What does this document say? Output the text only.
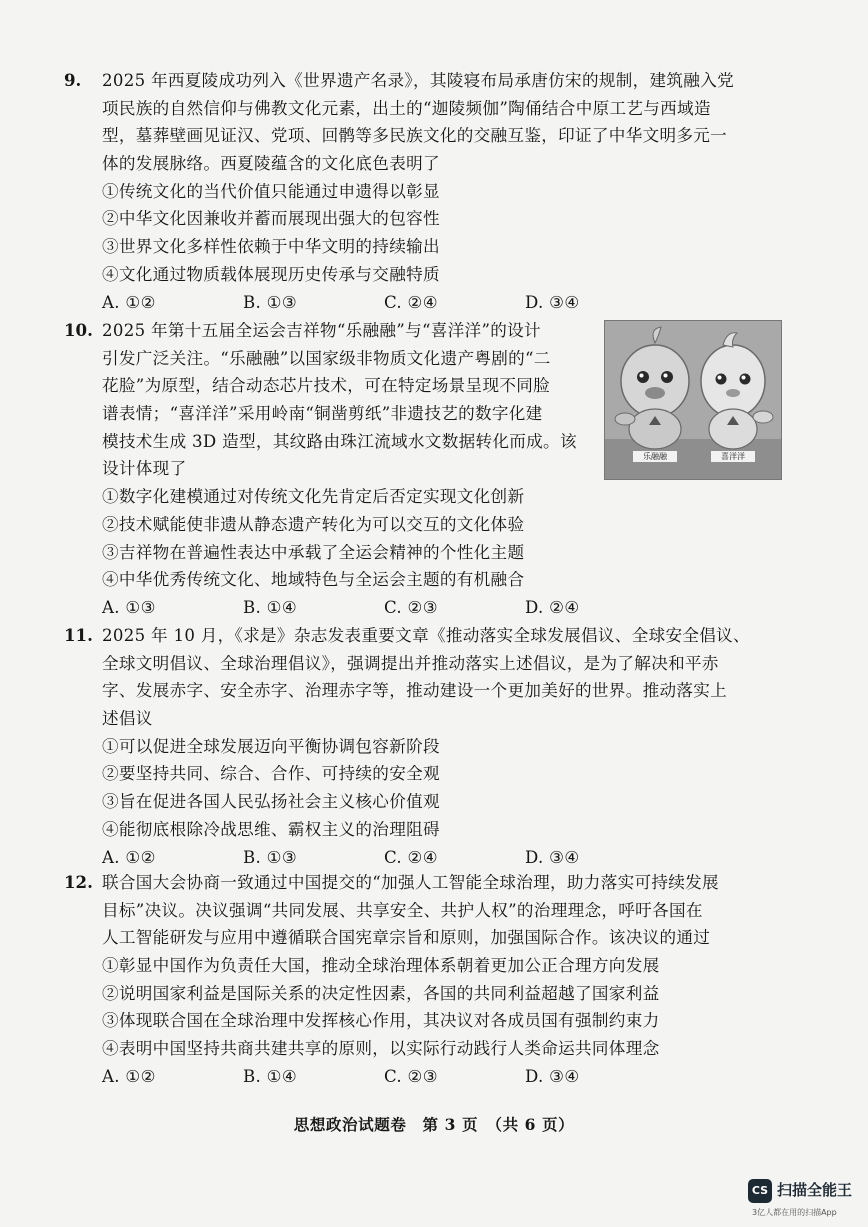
9. 2025 年西夏陵成功列入《世界遗产名录》，其陵寝布局承唐仿宋的规制，建筑融入党
项民族的自然信仰与佛教文化元素，出土的“迦陵频伽”陶俑结合中原工艺与西域造
型，墓葬壁画见证汉、党项、回鹘等多民族文化的交融互鉴，印证了中华文明多元一
体的发展脉络。西夏陵蕴含的文化底色表明了
①传统文化的当代价值只能通过申遗得以彰显
②中华文化因兼收并蓄而展现出强大的包容性
③世界文化多样性依赖于中华文明的持续输出
④文化通过物质载体展现历史传承与交融特质
A. ①②	B. ①③	C. ②④	D. ③④
10. 2025 年第十五届全运会吉祥物“乐融融”与“喜洋洋”的设计
引发广泛关注。“乐融融”以国家级非物质文化遗产粤剧的“二
花脸”为原型，结合动态芯片技术，可在特定场景呈现不同脸
谱表情；“喜洋洋”采用岭南“铜凿剪纸”非遗技艺的数字化建
模技术生成 3D 造型，其纹路由珠江流域水文数据转化而成。该
设计体现了
①数字化建模通过对传统文化先肯定后否定实现文化创新
②技术赋能使非遗从静态遗产转化为可以交互的文化体验
③吉祥物在普遍性表达中承载了全运会精神的个性化主题
④中华优秀传统文化、地域特色与全运会主题的有机融合
A. ①③	B. ①④	C. ②③	D. ②④
乐融融	喜洋洋
11. 2025 年 10 月，《求是》杂志发表重要文章《推动落实全球发展倡议、全球安全倡议、
全球文明倡议、全球治理倡议》，强调提出并推动落实上述倡议，是为了解决和平赤
字、发展赤字、安全赤字、治理赤字等，推动建设一个更加美好的世界。推动落实上
述倡议
①可以促进全球发展迈向平衡协调包容新阶段
②要坚持共同、综合、合作、可持续的安全观
③旨在促进各国人民弘扬社会主义核心价值观
④能彻底根除冷战思维、霸权主义的治理阻碍
A. ①②	B. ①③	C. ②④	D. ③④
12. 联合国大会协商一致通过中国提交的“加强人工智能全球治理，助力落实可持续发展
目标”决议。决议强调“共同发展、共享安全、共护人权”的治理理念，呼吁各国在
人工智能研发与应用中遵循联合国宪章宗旨和原则，加强国际合作。该决议的通过
①彰显中国作为负责任大国，推动全球治理体系朝着更加公正合理方向发展
②说明国家利益是国际关系的决定性因素，各国的共同利益超越了国家利益
③体现联合国在全球治理中发挥核心作用，其决议对各成员国有强制约束力
④表明中国坚持共商共建共享的原则，以实际行动践行人类命运共同体理念
A. ①②	B. ①④	C. ②③	D. ③④
思想政治试题卷　第 3 页　（共 6 页）
CS 扫描全能王
3亿人都在用的扫描App
